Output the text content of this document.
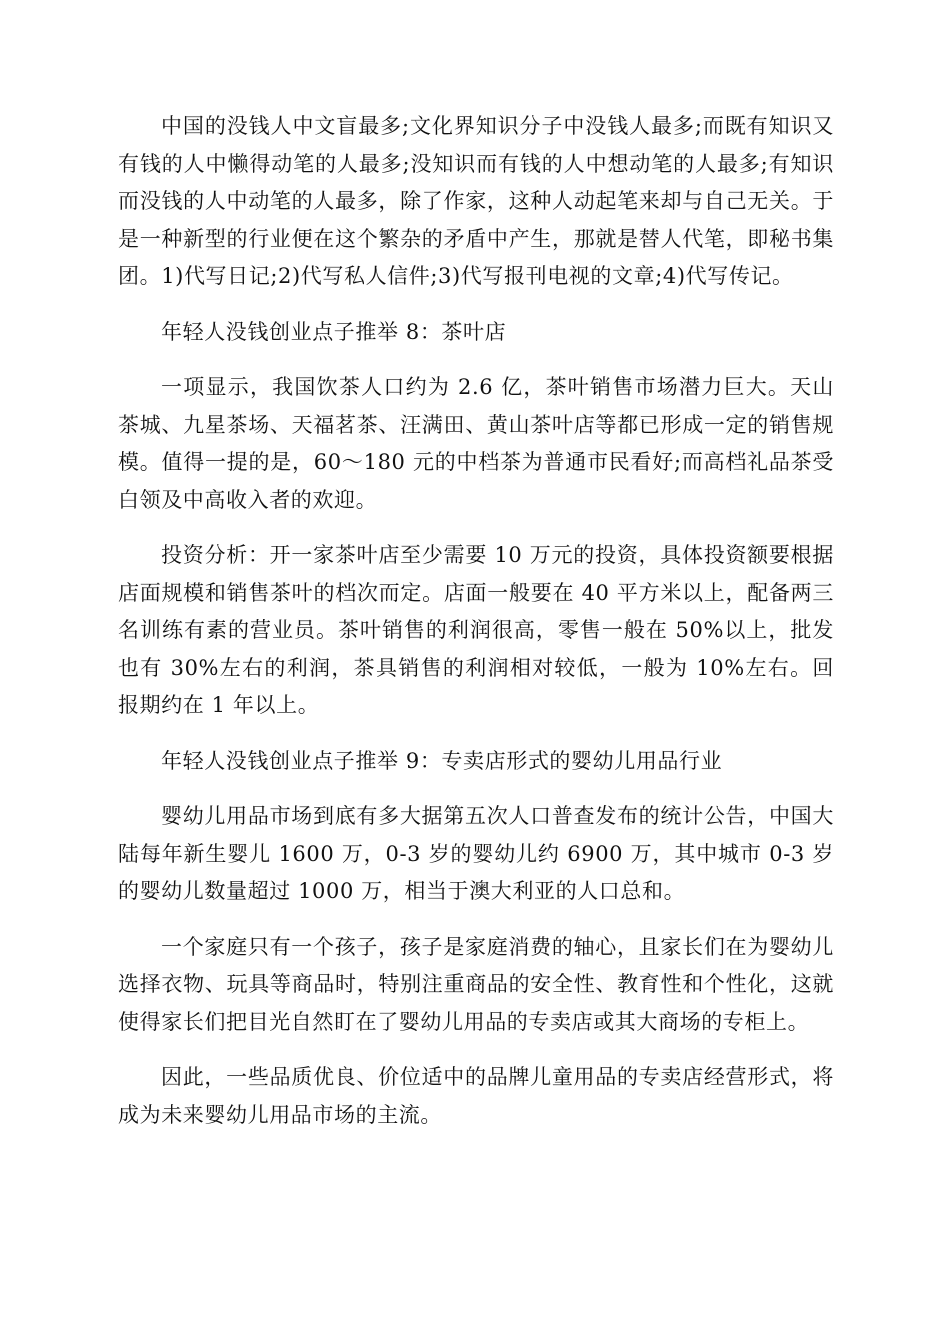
中国的没钱人中文盲最多;文化界知识分子中没钱人最多;而既有知识又有钱的人中懒得动笔的人最多;没知识而有钱的人中想动笔的人最多;有知识而没钱的人中动笔的人最多，除了作家，这种人动起笔来却与自己无关。于是一种新型的行业便在这个繁杂的矛盾中产生，那就是替人代笔，即秘书集团。1)代写日记;2)代写私人信件;3)代写报刊电视的文章;4)代写传记。

年轻人没钱创业点子推举 8：茶叶店

一项显示，我国饮茶人口约为 2.6 亿，茶叶销售市场潜力巨大。天山茶城、九星茶场、天福茗茶、汪满田、黄山茶叶店等都已形成一定的销售规模。值得一提的是，60～180 元的中档茶为普通市民看好;而高档礼品茶受白领及中高收入者的欢迎。

投资分析：开一家茶叶店至少需要 10 万元的投资，具体投资额要根据店面规模和销售茶叶的档次而定。店面一般要在 40 平方米以上，配备两三名训练有素的营业员。茶叶销售的利润很高，零售一般在 50%以上，批发也有 30%左右的利润，茶具销售的利润相对较低，一般为 10%左右。回报期约在 1 年以上。

年轻人没钱创业点子推举 9：专卖店形式的婴幼儿用品行业

婴幼儿用品市场到底有多大据第五次人口普查发布的统计公告，中国大陆每年新生婴儿 1600 万，0-3 岁的婴幼儿约 6900 万，其中城市 0-3 岁的婴幼儿数量超过 1000 万，相当于澳大利亚的人口总和。

一个家庭只有一个孩子，孩子是家庭消费的轴心，且家长们在为婴幼儿选择衣物、玩具等商品时，特别注重商品的安全性、教育性和个性化，这就使得家长们把目光自然盯在了婴幼儿用品的专卖店或其大商场的专柜上。

因此，一些品质优良、价位适中的品牌儿童用品的专卖店经营形式，将成为未来婴幼儿用品市场的主流。
